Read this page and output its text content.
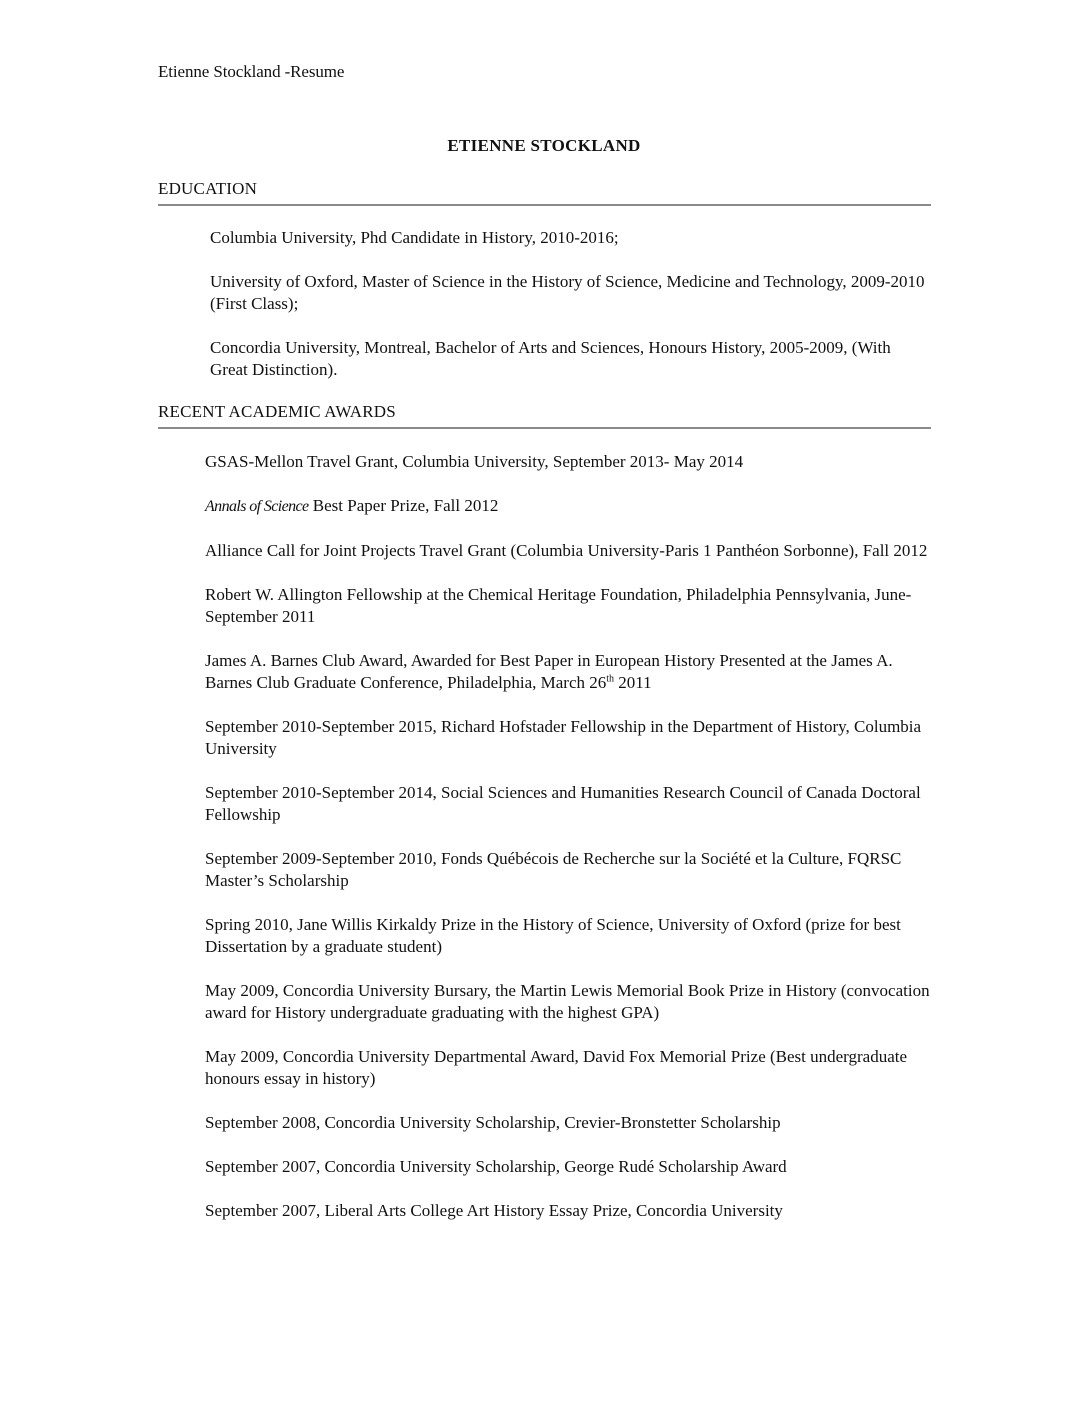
Etienne Stockland -Resume
ETIENNE STOCKLAND
EDUCATION
Columbia University, Phd Candidate in History, 2010-2016;
University of Oxford, Master of Science in the History of Science, Medicine and Technology, 2009-2010 (First Class);
Concordia University, Montreal, Bachelor of Arts and Sciences, Honours History, 2005-2009, (With Great Distinction).
RECENT ACADEMIC AWARDS
GSAS-Mellon Travel Grant, Columbia University, September 2013- May 2014
Annals of Science Best Paper Prize, Fall 2012
Alliance Call for Joint Projects Travel Grant (Columbia University-Paris 1 Panthéon Sorbonne), Fall 2012
Robert W. Allington Fellowship at the Chemical Heritage Foundation, Philadelphia Pennsylvania, June-September 2011
James A. Barnes Club Award, Awarded for Best Paper in European History Presented at the James A. Barnes Club Graduate Conference, Philadelphia, March 26th 2011
September 2010-September 2015, Richard Hofstader Fellowship in the Department of History, Columbia University
September 2010-September 2014, Social Sciences and Humanities Research Council of Canada Doctoral Fellowship
September 2009-September 2010, Fonds Québécois de Recherche sur la Société et la Culture, FQRSC Master’s Scholarship
Spring 2010, Jane Willis Kirkaldy Prize in the History of Science, University of Oxford (prize for best Dissertation by a graduate student)
May 2009, Concordia University Bursary, the Martin Lewis Memorial Book Prize in History (convocation award for History undergraduate graduating with the highest GPA)
May 2009, Concordia University Departmental Award, David Fox Memorial Prize (Best undergraduate honours essay in history)
September 2008, Concordia University Scholarship, Crevier-Bronstetter Scholarship
September 2007, Concordia University Scholarship, George Rudé Scholarship Award
September 2007, Liberal Arts College Art History Essay Prize, Concordia University
